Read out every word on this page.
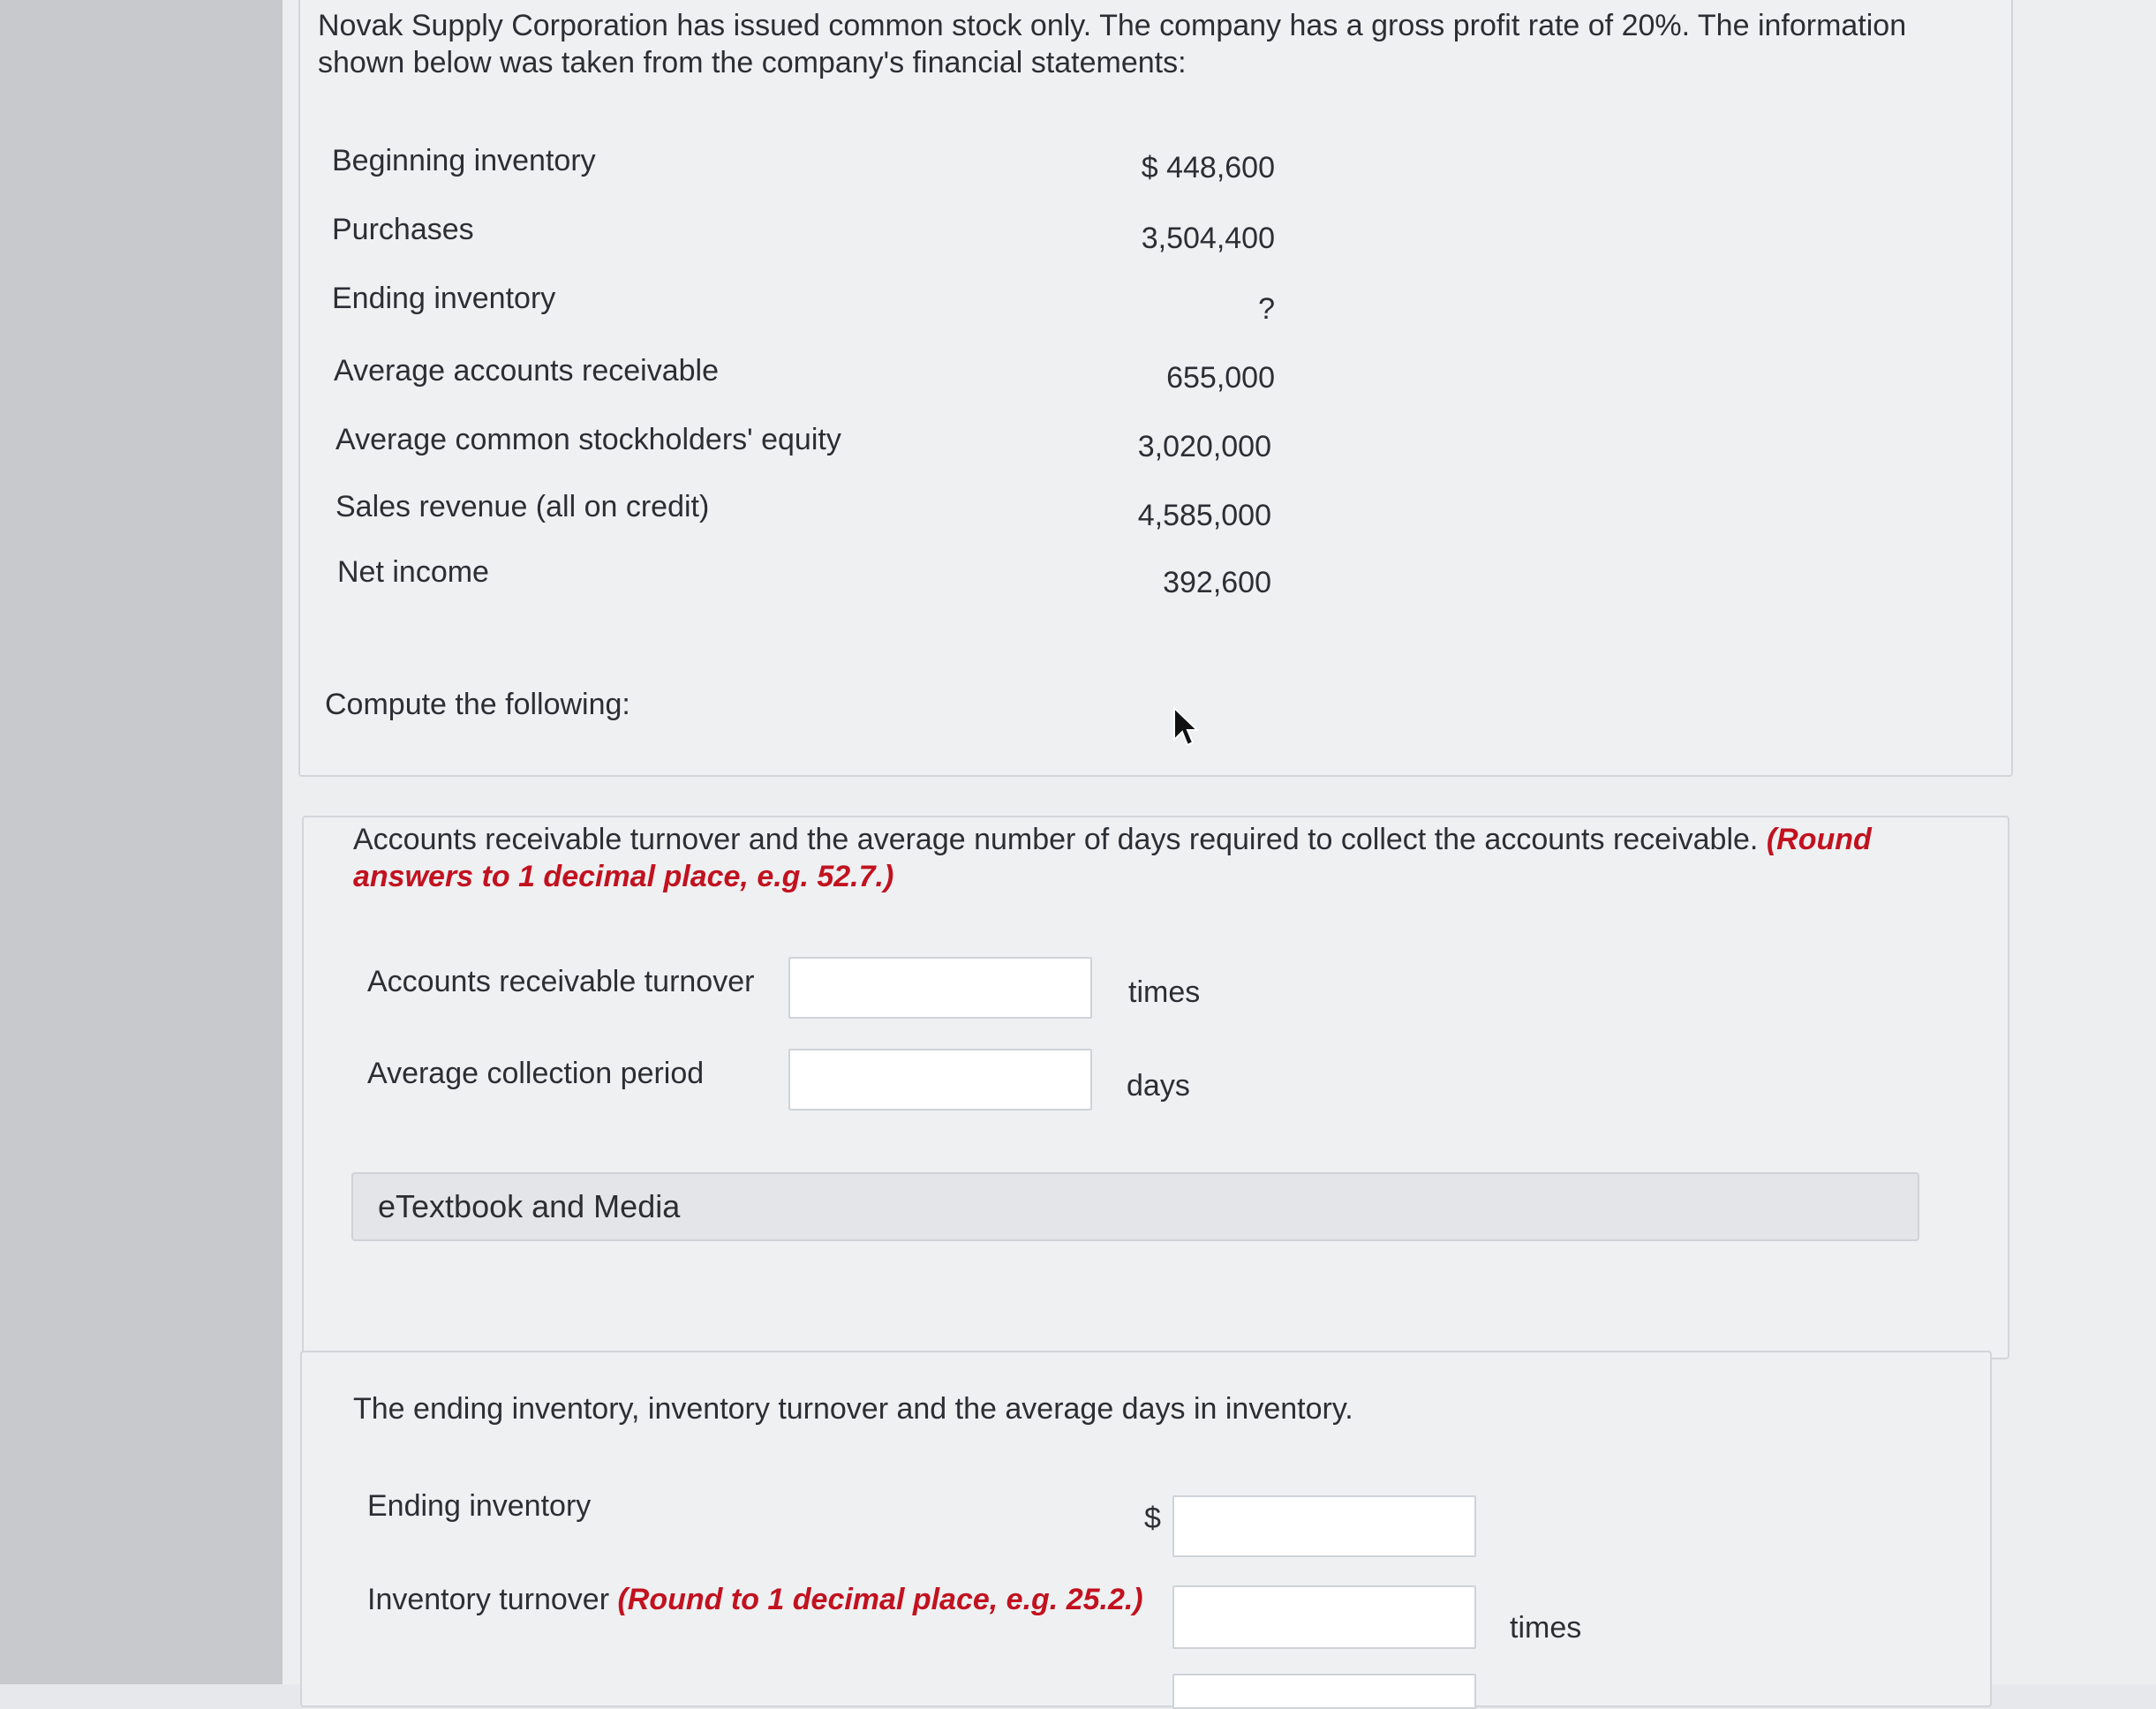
Novak Supply Corporation has issued common stock only. The company has a gross profit rate of 20%. The information shown below was taken from the company's financial statements:
Beginning inventory	$ 448,600
Purchases	3,504,400
Ending inventory	?
Average accounts receivable	655,000
Average common stockholders' equity	3,020,000
Sales revenue (all on credit)	4,585,000
Net income	392,600
Compute the following:
Accounts receivable turnover and the average number of days required to collect the accounts receivable. (Round answers to 1 decimal place, e.g. 52.7.)
Accounts receivable turnover	times
Average collection period	days
eTextbook and Media
The ending inventory, inventory turnover and the average days in inventory.
Ending inventory	$
Inventory turnover (Round to 1 decimal place, e.g. 25.2.)
times
